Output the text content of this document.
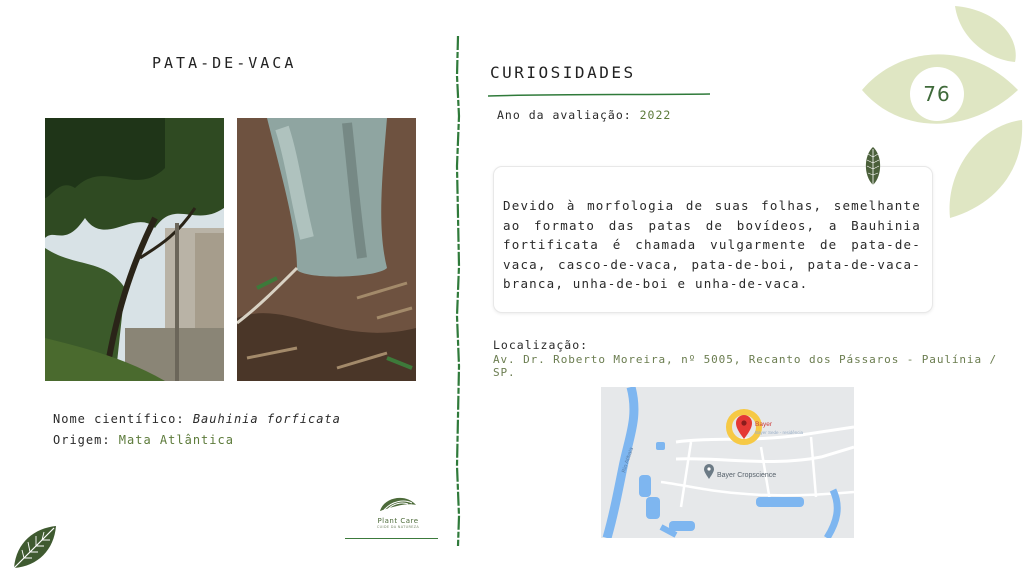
76
PATA-DE-VACA
Nome científico: Bauhinia forficata
Origem: Mata Atlântica
Plant Care
CUIDE DA NATUREZA
CURIOSIDADES
Ano da avaliação: 2022
Devido à morfologia de suas folhas, semelhante ao formato das patas de bovídeos, a Bauhinia fortificata é chamada vulgarmente de pata-de-vaca, casco-de-vaca, pata-de-boi, pata-de-vaca-branca, unha-de-boi e unha-de-vaca.
Localização:
Av. Dr. Roberto Moreira, nº 5005, Recanto dos Pássaros - Paulínia / SP.
Bayer
Bayer Sede - residência
Bayer Cropscience
Rio Atibaia
